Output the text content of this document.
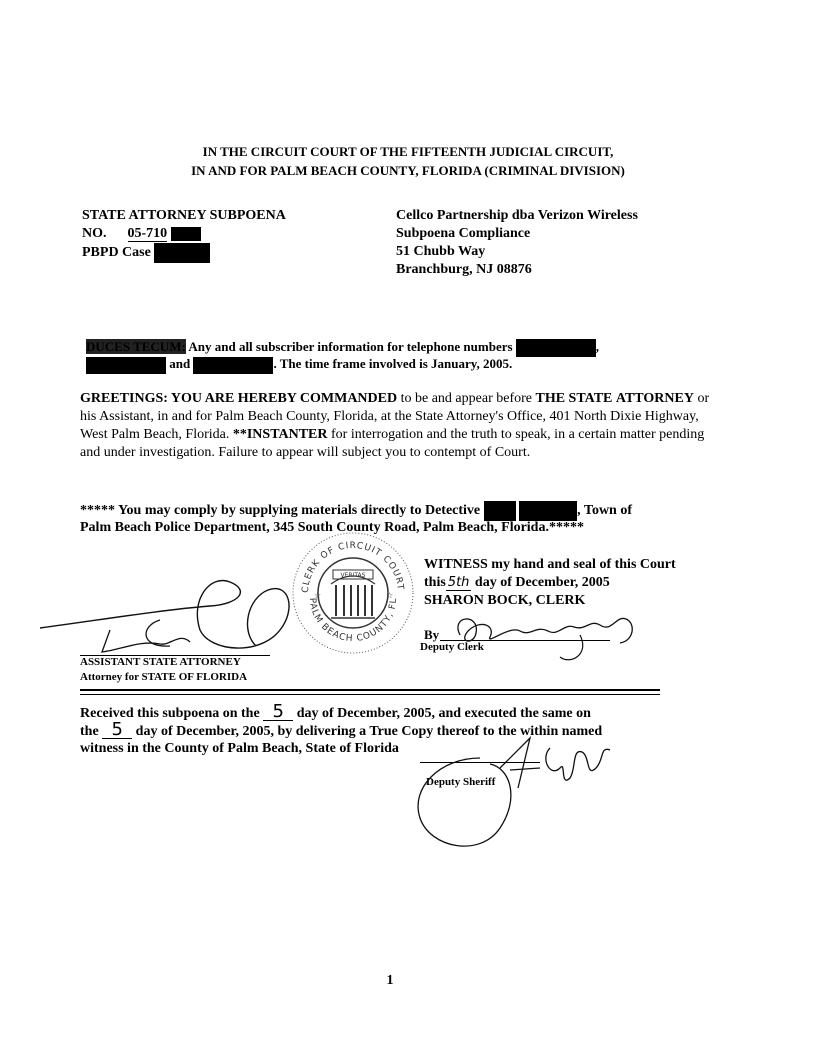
IN THE CIRCUIT COURT OF THE FIFTEENTH JUDICIAL CIRCUIT,
IN AND FOR PALM BEACH COUNTY, FLORIDA (CRIMINAL DIVISION)
STATE ATTORNEY SUBPOENA
NO. 05-710
PBPD Case
Cellco Partnership dba Verizon Wireless
Subpoena Compliance
51 Chubb Way
Branchburg, NJ 08876
DUCES TECUM: Any and all subscriber information for telephone numbers	,
and	. The time frame involved is January, 2005.

GREETINGS: YOU ARE HEREBY COMMANDED to be and appear before THE STATE ATTORNEY or his Assistant, in and for Palm Beach County, Florida, at the State Attorney's Office, 401 North Dixie Highway, West Palm Beach, Florida. **INSTANTER for interrogation and the truth to speak, in a certain matter pending and under investigation. Failure to appear will subject you to contempt of Court.

***** You may comply by supplying materials directly to Detective	, Town of
Palm Beach Police Department, 345 South County Road, Palm Beach, Florida.*****
CLERK OF CIRCUIT COURT
PALM BEACH COUNTY, FL
VERITAS
☆	☆
WITNESS my hand and seal of this Court
this 5th day of December, 2005
SHARON BOCK, CLERK
By
Deputy Clerk
ASSISTANT STATE ATTORNEY
Attorney for STATE OF FLORIDA
Received this subpoena on the 5 day of December, 2005, and executed the same on
the 5 day of December, 2005, by delivering a True Copy thereof to the within named
witness in the County of Palm Beach, State of Florida
Deputy Sheriff
1
